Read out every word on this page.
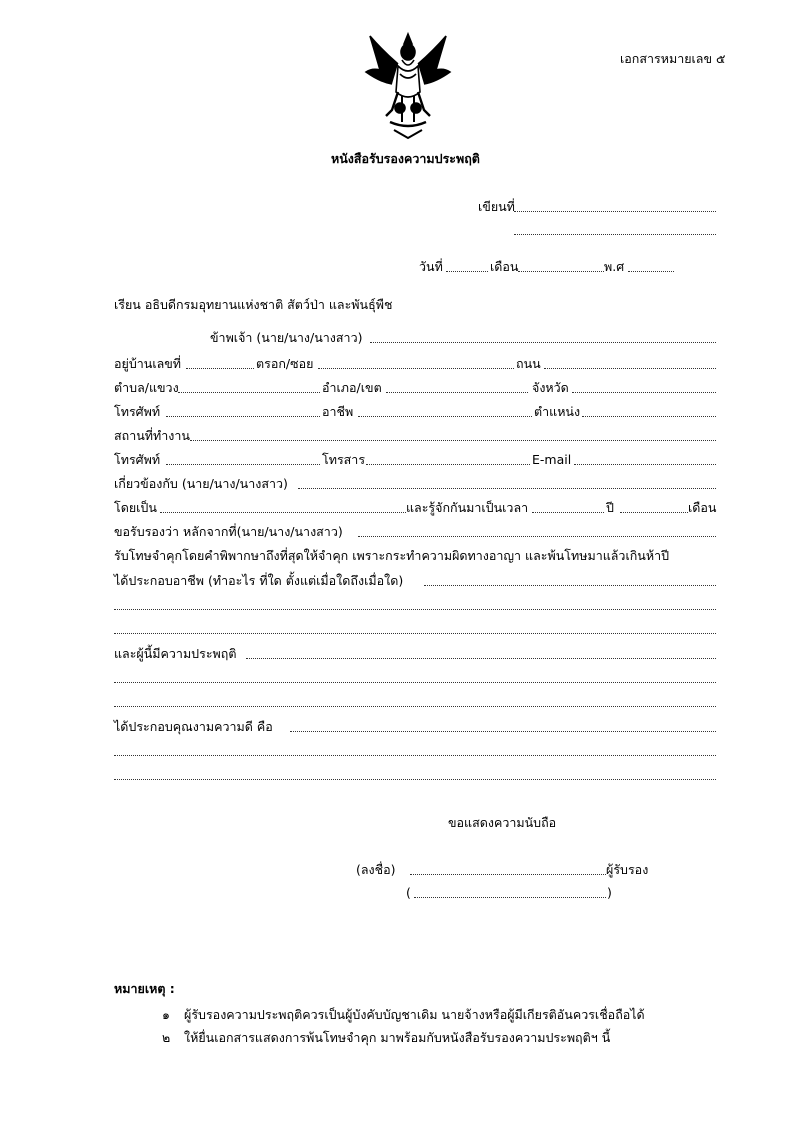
เอกสารหมายเลข ๕
หนังสือรับรองความประพฤติ
เขียนที่
วันที่	เดือน	พ.ศ
เรียน อธิบดีกรมอุทยานแห่งชาติ สัตว์ป่า และพันธุ์พืช
ข้าพเจ้า (นาย/นาง/นางสาว)
อยู่บ้านเลขที่	ตรอก/ซอย	ถนน
ตำบล/แขวง	อำเภอ/เขต	จังหวัด
โทรศัพท์	อาชีพ	ตำแหน่ง
สถานที่ทำงาน
โทรศัพท์	โทรสาร	E-mail
เกี่ยวข้องกับ (นาย/นาง/นางสาว)
โดยเป็น	และรู้จักกันมาเป็นเวลา	ปี	เดือน
ขอรับรองว่า หลักจากที่(นาย/นาง/นางสาว)
รับโทษจำคุกโดยคำพิพากษาถึงที่สุดให้จำคุก เพราะกระทำความผิดทางอาญา และพ้นโทษมาแล้วเกินห้าปี
ได้ประกอบอาชีพ (ทำอะไร ที่ใด ตั้งแต่เมื่อใดถึงเมื่อใด)
และผู้นี้มีความประพฤติ
ได้ประกอบคุณงามความดี คือ
ขอแสดงความนับถือ
(ลงชื่อ)	ผู้รับรอง
(	)
หมายเหตุ :
๑ ผู้รับรองความประพฤติควรเป็นผู้บังคับบัญชาเดิม นายจ้างหรือผู้มีเกียรติอันควรเชื่อถือได้
๒ ให้ยื่นเอกสารแสดงการพ้นโทษจำคุก มาพร้อมกับหนังสือรับรองความประพฤติฯ นี้
